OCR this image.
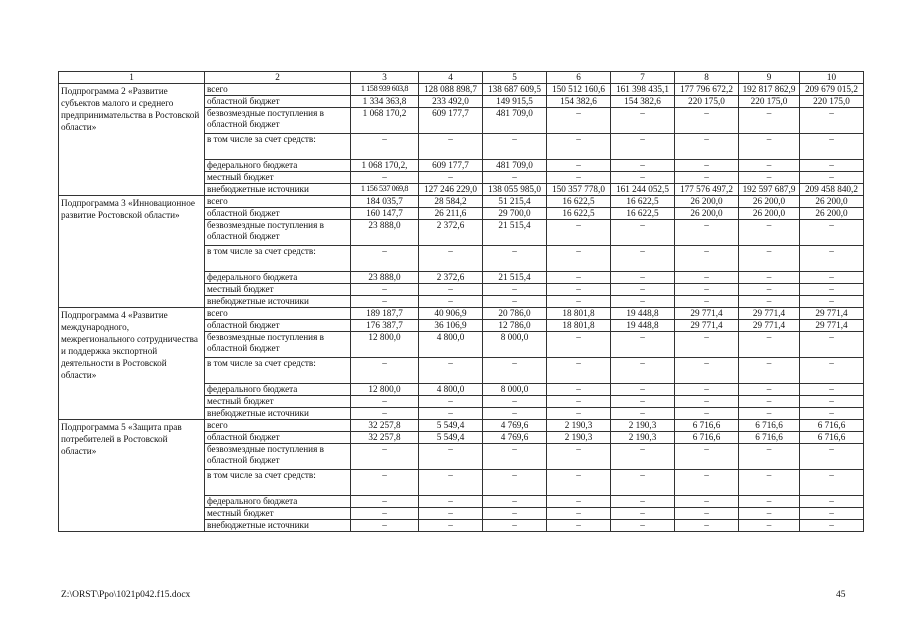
1	2	3	4	5	6	7	8	9	10
Подпрограмма 2 «Развитие субъектов малого и среднего предпринимательства в Ростовской области»	всего	1 158 939 603,8	128 088 898,7	138 687 609,5	150 512 160,6	161 398 435,1	177 796 672,2	192 817 862,9	209 679 015,2
	областной бюджет	1 334 363,8	233 492,0	149 915,5	154 382,6	154 382,6	220 175,0	220 175,0	220 175,0
	безвозмездные поступления в областной бюджет	1 068 170,2	609 177,7	481 709,0	–	–	–	–	–
	в том числе за счет средств:	–	–	–	–	–	–	–	–
	федерального бюджета	1 068 170,2,	609 177,7	481 709,0	–	–	–	–	–
	местный бюджет	–	–	–	–	–	–	–	–
	внебюджетные источники	1 156 537 069,8	127 246 229,0	138 055 985,0	150 357 778,0	161 244 052,5	177 576 497,2	192 597 687,9	209 458 840,2
Подпрограмма 3 «Инновационное развитие Ростовской области»	всего	184 035,7	28 584,2	51 215,4	16 622,5	16 622,5	26 200,0	26 200,0	26 200,0
	областной бюджет	160 147,7	26 211,6	29 700,0	16 622,5	16 622,5	26 200,0	26 200,0	26 200,0
	безвозмездные поступления в областной бюджет	23 888,0	2 372,6	21 515,4	–	–	–	–	–
	в том числе за счет средств:	–	–	–	–	–	–	–	–
	федерального бюджета	23 888,0	2 372,6	21 515,4	–	–	–	–	–
	местный бюджет	–	–	–	–	–	–	–	–
	внебюджетные источники	–	–	–	–	–	–	–	–
Подпрограмма 4 «Развитие международного, межрегионального сотрудничества и поддержка экспортной деятельности в Ростовской области»	всего	189 187,7	40 906,9	20 786,0	18 801,8	19 448,8	29 771,4	29 771,4	29 771,4
	областной бюджет	176 387,7	36 106,9	12 786,0	18 801,8	19 448,8	29 771,4	29 771,4	29 771,4
	безвозмездные поступления в областной бюджет	12 800,0	4 800,0	8 000,0	–	–	–	–	–
	в том числе за счет средств:	–	–	–	–	–	–	–	–
	федерального бюджета	12 800,0	4 800,0	8 000,0	–	–	–	–	–
	местный бюджет	–	–	–	–	–	–	–	–
	внебюджетные источники	–	–	–	–	–	–	–	–
Подпрограмма 5 «Защита прав потребителей в Ростовской области»	всего	32 257,8	5 549,4	4 769,6	2 190,3	2 190,3	6 716,6	6 716,6	6 716,6
	областной бюджет	32 257,8	5 549,4	4 769,6	2 190,3	2 190,3	6 716,6	6 716,6	6 716,6
	безвозмездные поступления в областной бюджет	–	–	–	–	–	–	–	–
	в том числе за счет средств:	–	–	–	–	–	–	–	–
	федерального бюджета	–	–	–	–	–	–	–	–
	местный бюджет	–	–	–	–	–	–	–	–
	внебюджетные источники	–	–	–	–	–	–	–	–
Z:\ORST\Ppo\1021p042.f15.docx	45
